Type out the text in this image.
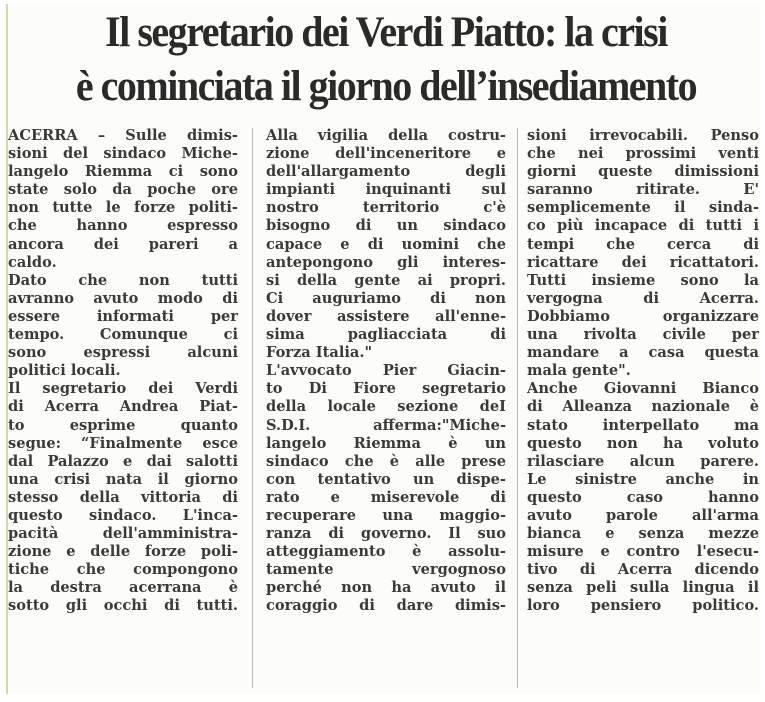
Il segretario dei Verdi Piatto: la crisi
è cominciata il giorno dell’insediamento
ACERRA – Sulle dimis-
sioni del sindaco Miche-
langelo Riemma ci sono
state solo da poche ore
non tutte le forze politi-
che hanno espresso
ancora dei pareri a
caldo.
Dato che non tutti
avranno avuto modo di
essere informati per
tempo. Comunque ci
sono espressi alcuni
politici locali.
Il segretario dei Verdi
di Acerra Andrea Piat-
to esprime quanto
segue: “Finalmente esce
dal Palazzo e dai salotti
una crisi nata il giorno
stesso della vittoria di
questo sindaco. L'inca-
pacità dell'amministra-
zione e delle forze poli-
tiche che compongono
la destra acerrana è
sotto gli occhi di tutti.
Alla vigilia della costru-
zione dell'inceneritore e
dell'allargamento degli
impianti inquinanti sul
nostro territorio c'è
bisogno di un sindaco
capace e di uomini che
antepongono gli interes-
si della gente ai propri.
Ci auguriamo di non
dover assistere all'enne-
sima pagliacciata di
Forza Italia."
L'avvocato Pier Giacin-
to Di Fiore segretario
della locale sezione deI
S.D.I. afferma:"Miche-
langelo Riemma è un
sindaco che è alle prese
con tentativo un dispe-
rato e miserevole di
recuperare una maggio-
ranza di governo. Il suo
atteggiamento è assolu-
tamente vergognoso
perché non ha avuto il
coraggio di dare dimis-
sioni irrevocabili. Penso
che nei prossimi venti
giorni queste dimissioni
saranno ritirate. E'
semplicemente il sinda-
co più incapace di tutti i
tempi che cerca di
ricattare dei ricattatori.
Tutti insieme sono la
vergogna di Acerra.
Dobbiamo organizzare
una rivolta civile per
mandare a casa questa
mala gente".
Anche Giovanni Bianco
di Alleanza nazionale è
stato interpellato ma
questo non ha voluto
rilasciare alcun parere.
Le sinistre anche in
questo caso hanno
avuto parole all'arma
bianca e senza mezze
misure e contro l'esecu-
tivo di Acerra dicendo
senza peli sulla lingua il
loro pensiero politico.
